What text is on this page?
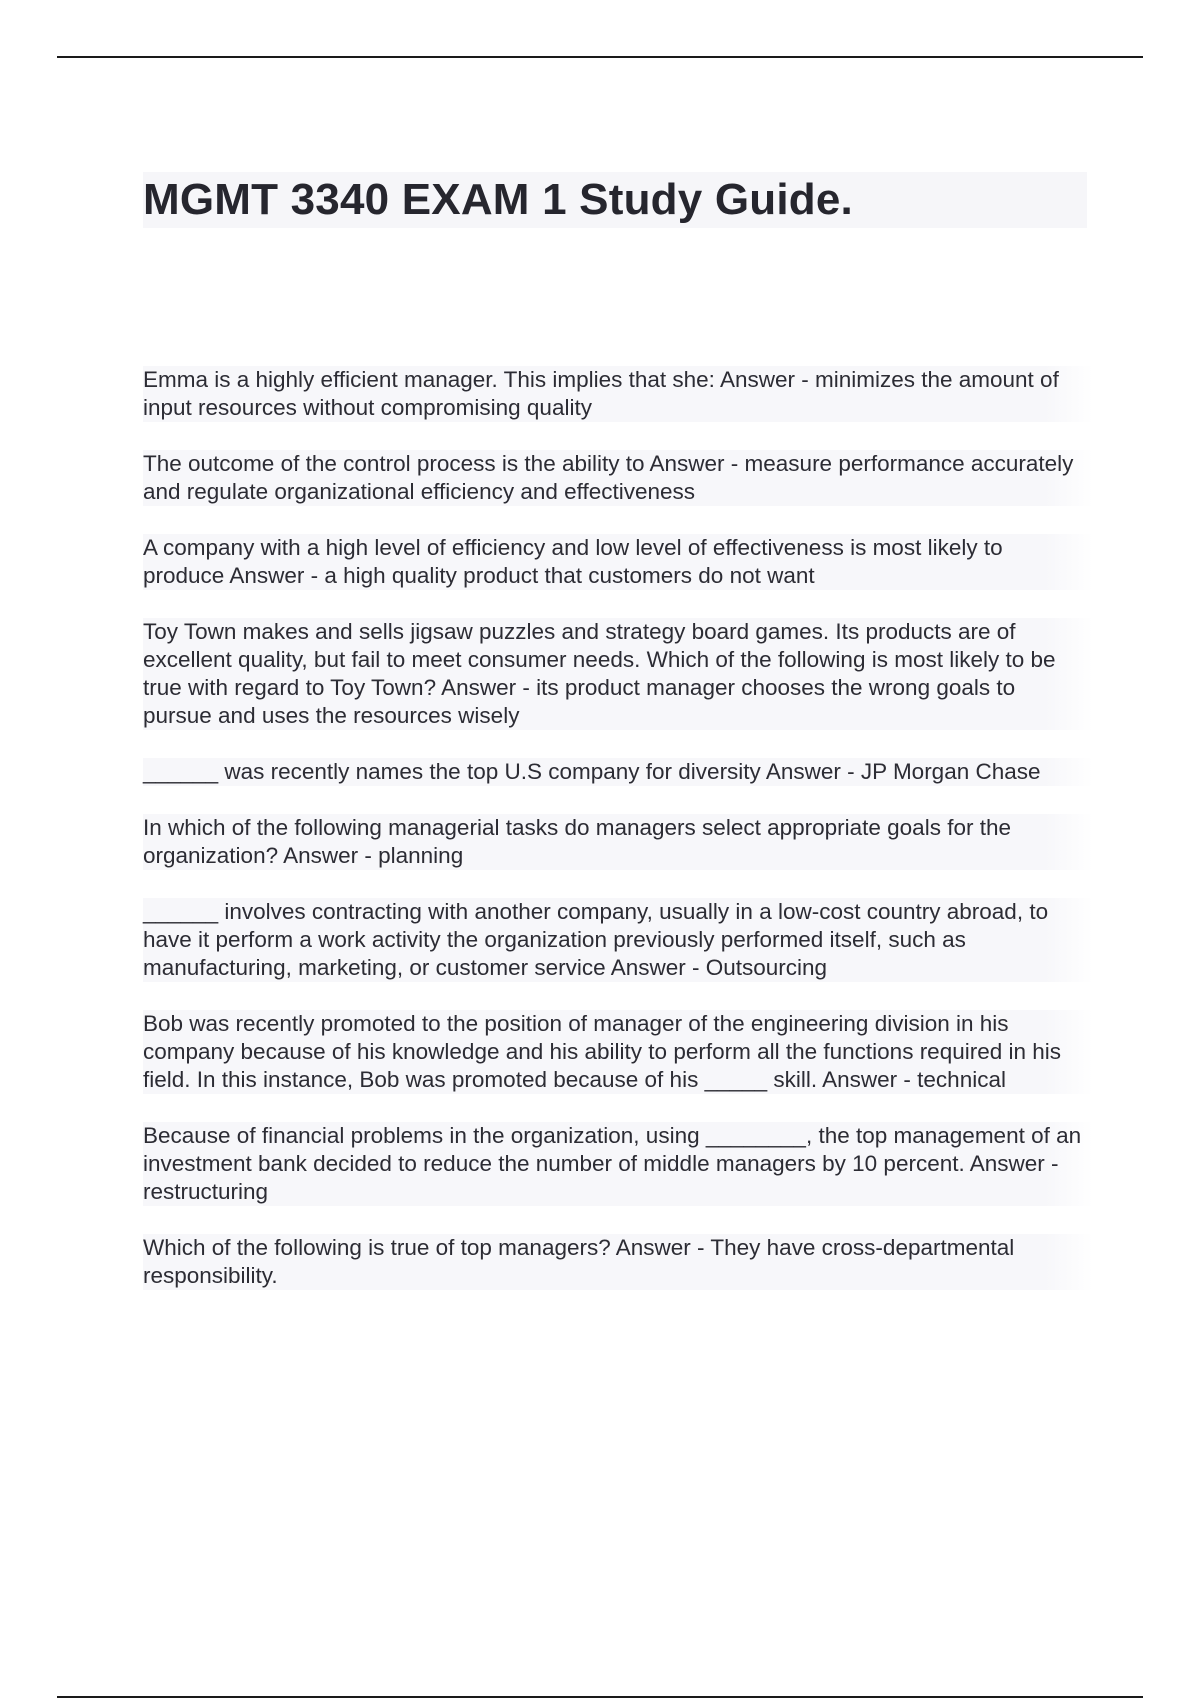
MGMT 3340 EXAM 1 Study Guide.

Emma is a highly efficient manager. This implies that she: Answer - minimizes the amount of input resources without compromising quality

The outcome of the control process is the ability to Answer - measure performance accurately and regulate organizational efficiency and effectiveness

A company with a high level of efficiency and low level of effectiveness is most likely to produce Answer - a high quality product that customers do not want

Toy Town makes and sells jigsaw puzzles and strategy board games. Its products are of excellent quality, but fail to meet consumer needs. Which of the following is most likely to be true with regard to Toy Town? Answer - its product manager chooses the wrong goals to pursue and uses the resources wisely

______ was recently names the top U.S company for diversity Answer - JP Morgan Chase

In which of the following managerial tasks do managers select appropriate goals for the organization? Answer - planning

______ involves contracting with another company, usually in a low-cost country abroad, to have it perform a work activity the organization previously performed itself, such as manufacturing, marketing, or customer service Answer - Outsourcing

Bob was recently promoted to the position of manager of the engineering division in his company because of his knowledge and his ability to perform all the functions required in his field. In this instance, Bob was promoted because of his _____ skill. Answer - technical

Because of financial problems in the organization, using ________, the top management of an investment bank decided to reduce the number of middle managers by 10 percent. Answer - restructuring

Which of the following is true of top managers? Answer - They have cross-departmental responsibility.
